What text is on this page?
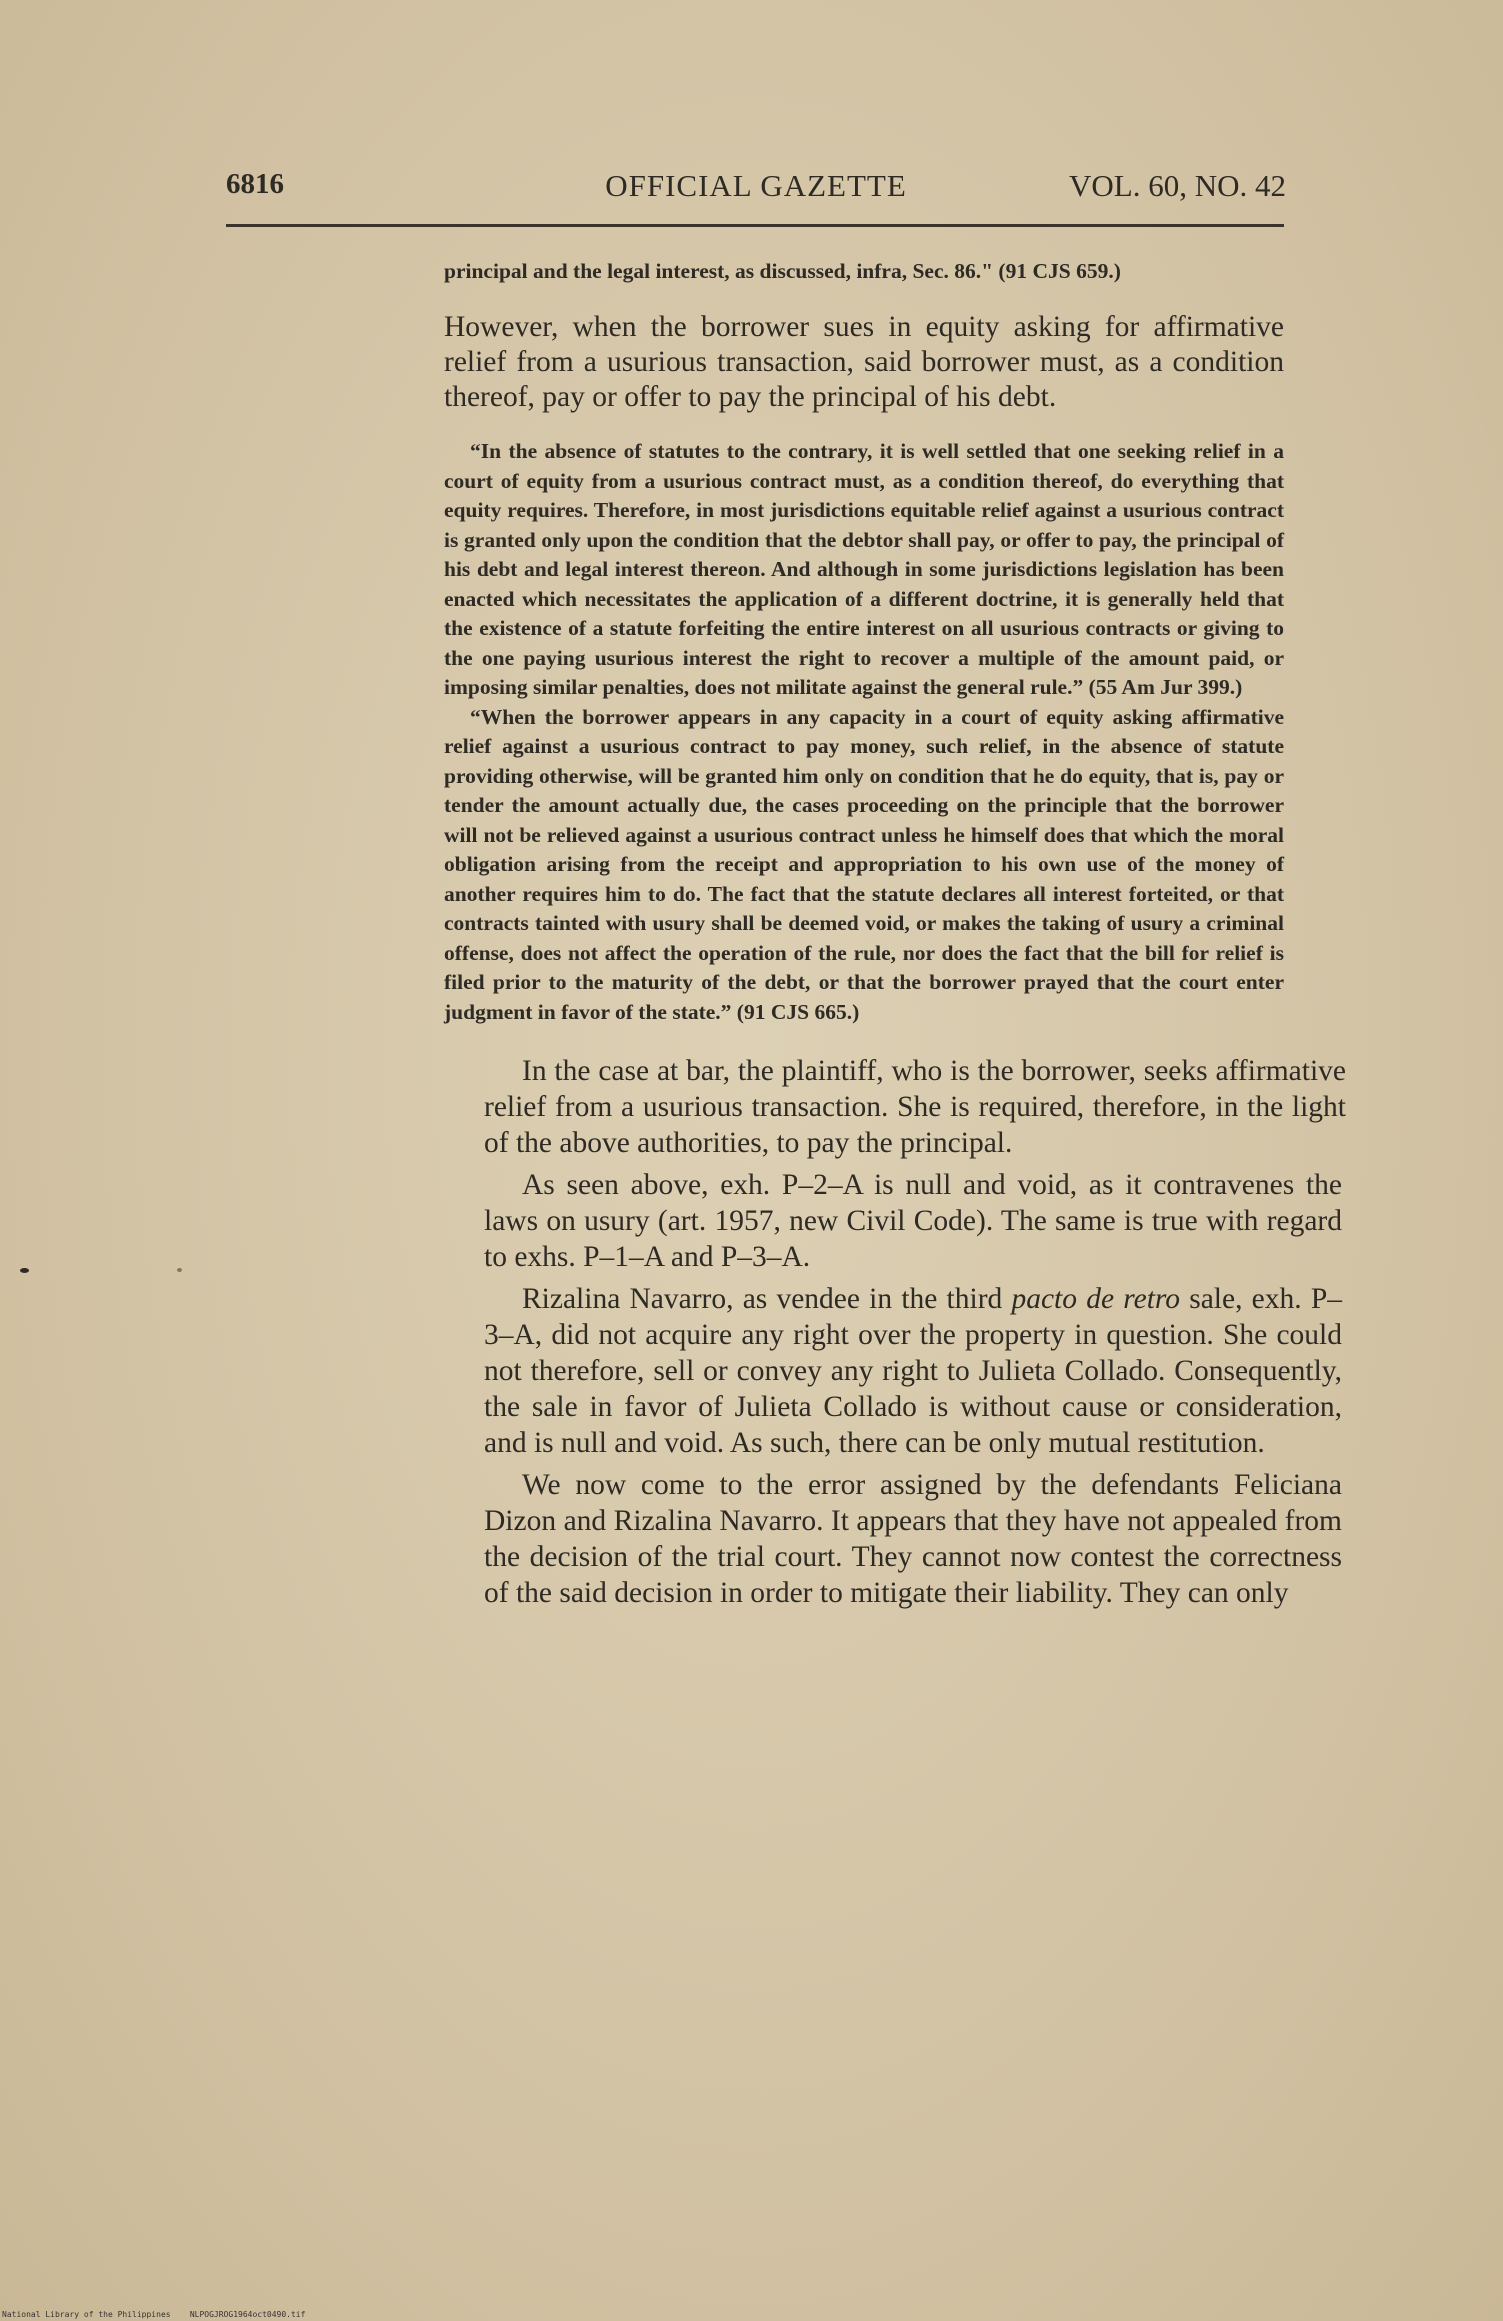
6816	OFFICIAL GAZETTE	VOL. 60, NO. 42

principal and the legal interest, as discussed, infra, Sec. 86." (91 CJS 659.)

However, when the borrower sues in equity asking for affirmative relief from a usurious transaction, said borrower must, as a condition thereof, pay or offer to pay the principal of his debt.

“In the absence of statutes to the contrary, it is well settled that one seeking relief in a court of equity from a usurious contract must, as a condition thereof, do everything that equity requires. Therefore, in most jurisdictions equitable relief against a usurious contract is granted only upon the condition that the debtor shall pay, or offer to pay, the principal of his debt and legal interest thereon. And although in some jurisdictions legislation has been enacted which necessitates the application of a different doctrine, it is generally held that the existence of a statute forfeiting the entire interest on all usurious contracts or giving to the one paying usurious interest the right to recover a multiple of the amount paid, or imposing similar penalties, does not militate against the general rule.” (55 Am Jur 399.)

“When the borrower appears in any capacity in a court of equity asking affirmative relief against a usurious contract to pay money, such relief, in the absence of statute providing otherwise, will be granted him only on condition that he do equity, that is, pay or tender the amount actually due, the cases proceeding on the principle that the borrower will not be relieved against a usurious contract unless he himself does that which the moral obligation arising from the receipt and appropriation to his own use of the money of another requires him to do. The fact that the statute declares all interest forteited, or that contracts tainted with usury shall be deemed void, or makes the taking of usury a criminal offense, does not affect the operation of the rule, nor does the fact that the bill for relief is filed prior to the maturity of the debt, or that the borrower prayed that the court enter judgment in favor of the state.” (91 CJS 665.)

In the case at bar, the plaintiff, who is the borrower, seeks affirmative relief from a usurious transaction. She is required, therefore, in the light of the above authorities, to pay the principal.

As seen above, exh. P–2–A is null and void, as it contravenes the laws on usury (art. 1957, new Civil Code). The same is true with regard to exhs. P–1–A and P–3–A.

Rizalina Navarro, as vendee in the third pacto de retro sale, exh. P–3–A, did not acquire any right over the property in question. She could not therefore, sell or convey any right to Julieta Collado. Consequently, the sale in favor of Julieta Collado is without cause or consideration, and is null and void. As such, there can be only mutual restitution.

We now come to the error assigned by the defendants Feliciana Dizon and Rizalina Navarro. It appears that they have not appealed from the decision of the trial court. They cannot now contest the correctness of the said decision in order to mitigate their liability. They can only

National Library of the Philippines NLPOGJROG1964oct0490.tif
